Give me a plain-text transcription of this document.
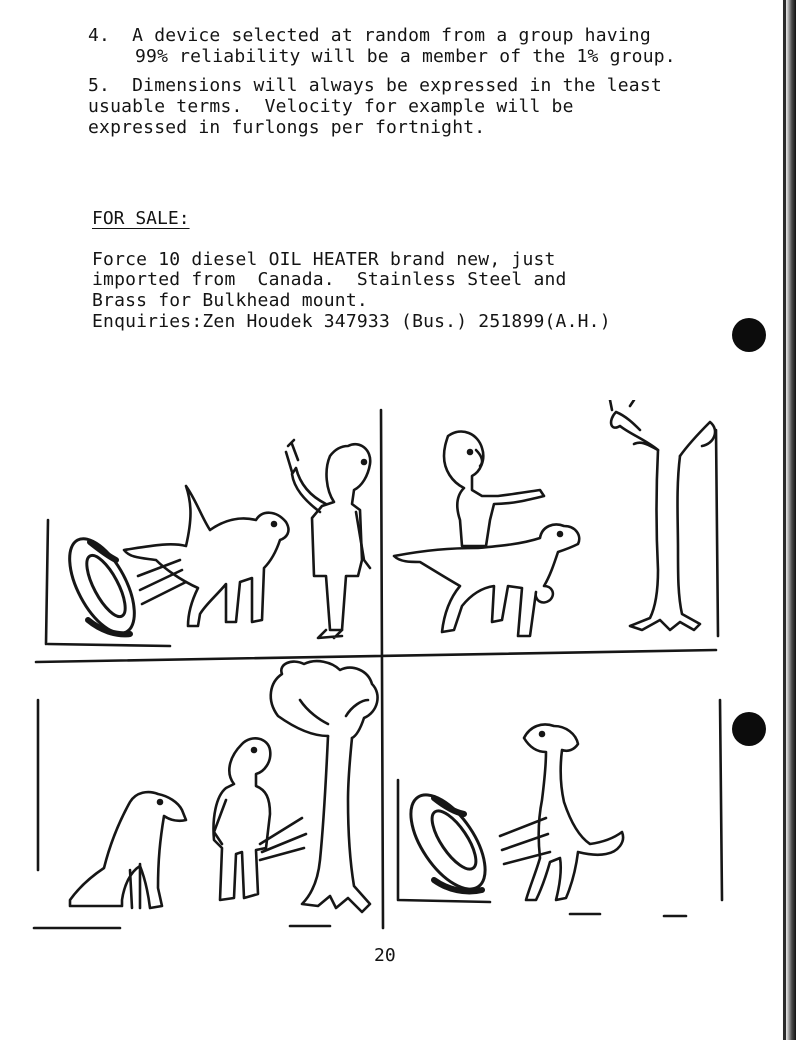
4.  A device selected at random from a group having
99% reliability will be a member of the 1% group.
5.  Dimensions will always be expressed in the least
usuable terms.  Velocity for example will be
expressed in furlongs per fortnight.
FOR SALE:
Force 10 diesel OIL HEATER brand new, just
imported from  Canada.  Stainless Steel and
Brass for Bulkhead mount.
Enquiries:Zen Houdek 347933 (Bus.) 251899(A.H.)
20
